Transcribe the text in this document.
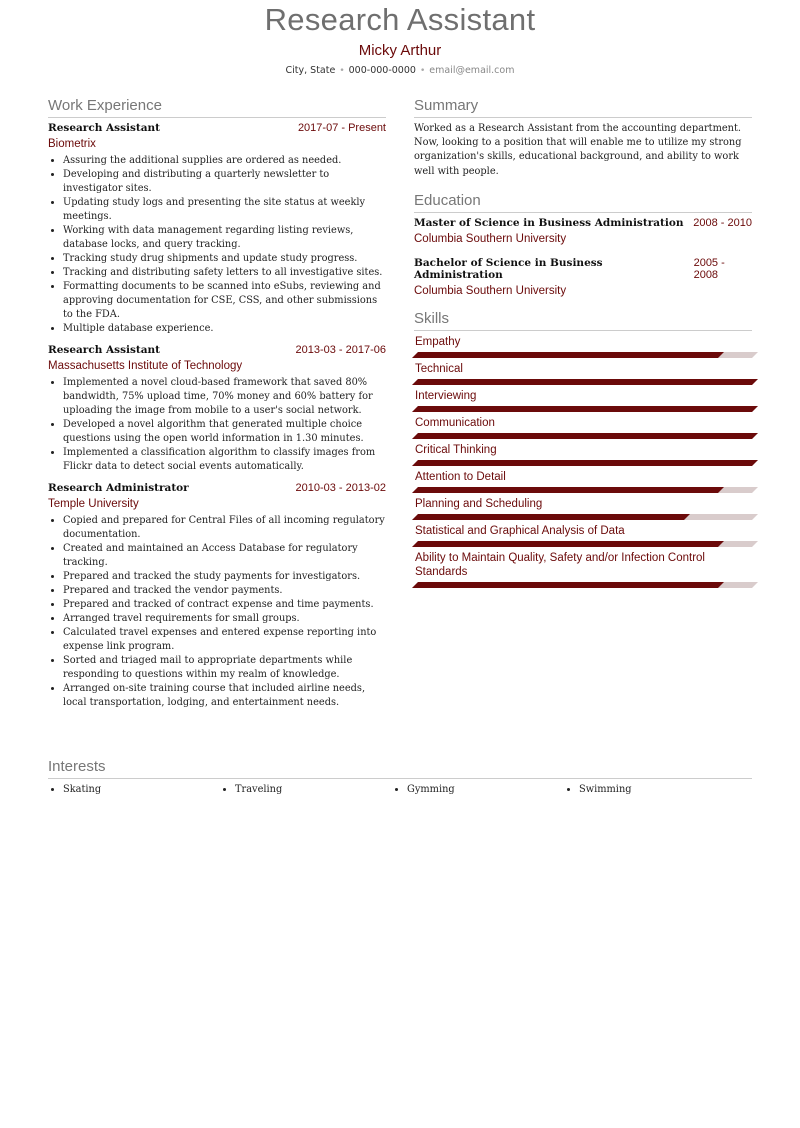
Research Assistant
Micky Arthur
City, State • 000-000-0000 • email@email.com
Work Experience
Research Assistant	2017-07 - Present
Biometrix
• Assuring the additional supplies are ordered as needed.
• Developing and distributing a quarterly newsletter to investigator sites.
• Updating study logs and presenting the site status at weekly meetings.
• Working with data management regarding listing reviews, database locks, and query tracking.
• Tracking study drug shipments and update study progress.
• Tracking and distributing safety letters to all investigative sites.
• Formatting documents to be scanned into eSubs, reviewing and approving documentation for CSE, CSS, and other submissions to the FDA.
• Multiple database experience.
Research Assistant	2013-03 - 2017-06
Massachusetts Institute of Technology
• Implemented a novel cloud-based framework that saved 80% bandwidth, 75% upload time, 70% money and 60% battery for uploading the image from mobile to a user's social network.
• Developed a novel algorithm that generated multiple choice questions using the open world information in 1.30 minutes.
• Implemented a classification algorithm to classify images from Flickr data to detect social events automatically.
Research Administrator	2010-03 - 2013-02
Temple University
• Copied and prepared for Central Files of all incoming regulatory documentation.
• Created and maintained an Access Database for regulatory tracking.
• Prepared and tracked the study payments for investigators.
• Prepared and tracked the vendor payments.
• Prepared and tracked of contract expense and time payments.
• Arranged travel requirements for small groups.
• Calculated travel expenses and entered expense reporting into expense link program.
• Sorted and triaged mail to appropriate departments while responding to questions within my realm of knowledge.
• Arranged on-site training course that included airline needs, local transportation, lodging, and entertainment needs.
Summary
Worked as a Research Assistant from the accounting department. Now, looking to a position that will enable me to utilize my strong organization's skills, educational background, and ability to work well with people.
Education
Master of Science in Business Administration 2008 - 2010
Columbia Southern University
Bachelor of Science in Business Administration
2005 - 2008
Columbia Southern University
Skills
Empathy
Technical
Interviewing
Communication
Critical Thinking
Attention to Detail
Planning and Scheduling
Statistical and Graphical Analysis of Data
Ability to Maintain Quality, Safety and/or Infection Control Standards
Interests
• Skating	• Traveling	• Gymming	• Swimming
